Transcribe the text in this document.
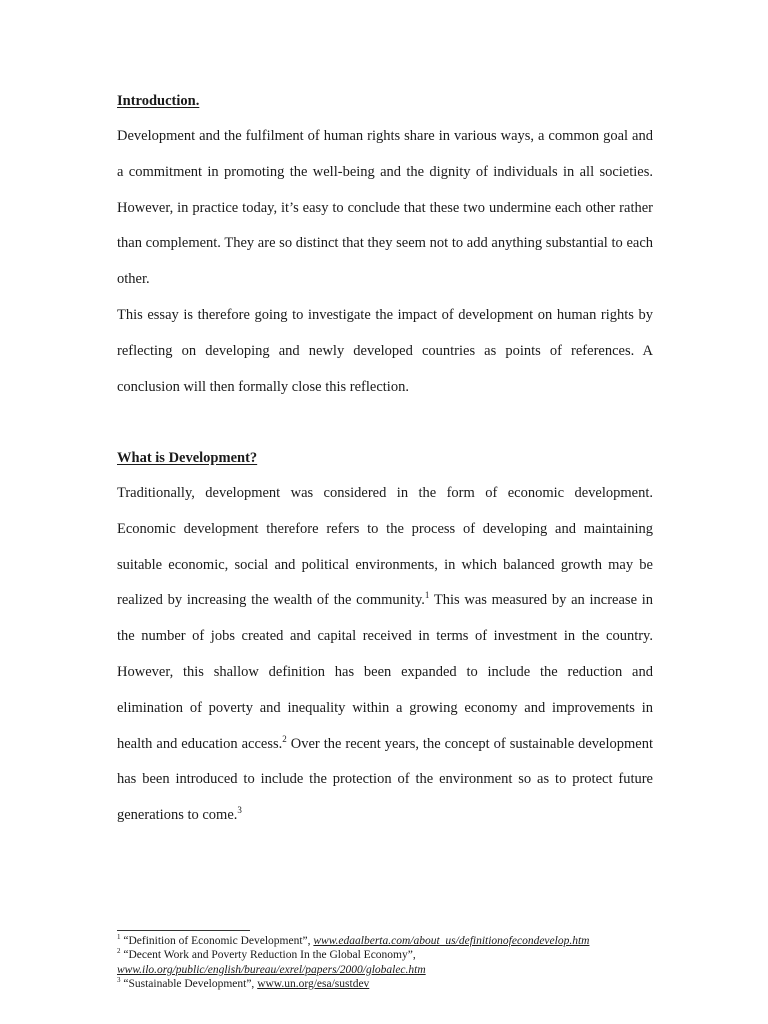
Introduction.

Development and the fulfilment of human rights share in various ways, a common goal and a commitment in promoting the well-being and the dignity of individuals in all societies. However, in practice today, it’s easy to conclude that these two undermine each other rather than complement. They are so distinct that they seem not to add anything substantial to each other.

This essay is therefore going to investigate the impact of development on human rights by reflecting on developing and newly developed countries as points of references. A conclusion will then formally close this reflection.

What is Development?

Traditionally, development was considered in the form of economic development. Economic development therefore refers to the process of developing and maintaining suitable economic, social and political environments, in which balanced growth may be realized by increasing the wealth of the community.$^1$ This was measured by an increase in the number of jobs created and capital received in terms of investment in the country. However, this shallow definition has been expanded to include the reduction and elimination of poverty and inequality within a growing economy and improvements in health and education access.$^2$ Over the recent years, the concept of sustainable development has been introduced to include the protection of the environment so as to protect future generations to come.$^3$

$^1$ “Definition of Economic Development”, www.edaalberta.com/about_us/definitionofecondevelop.htm
$^2$ “Decent Work and Poverty Reduction In the Global Economy”,
www.ilo.org/public/english/bureau/exrel/papers/2000/globalec.htm
$^3$ “Sustainable Development”, www.un.org/esa/sustdev
